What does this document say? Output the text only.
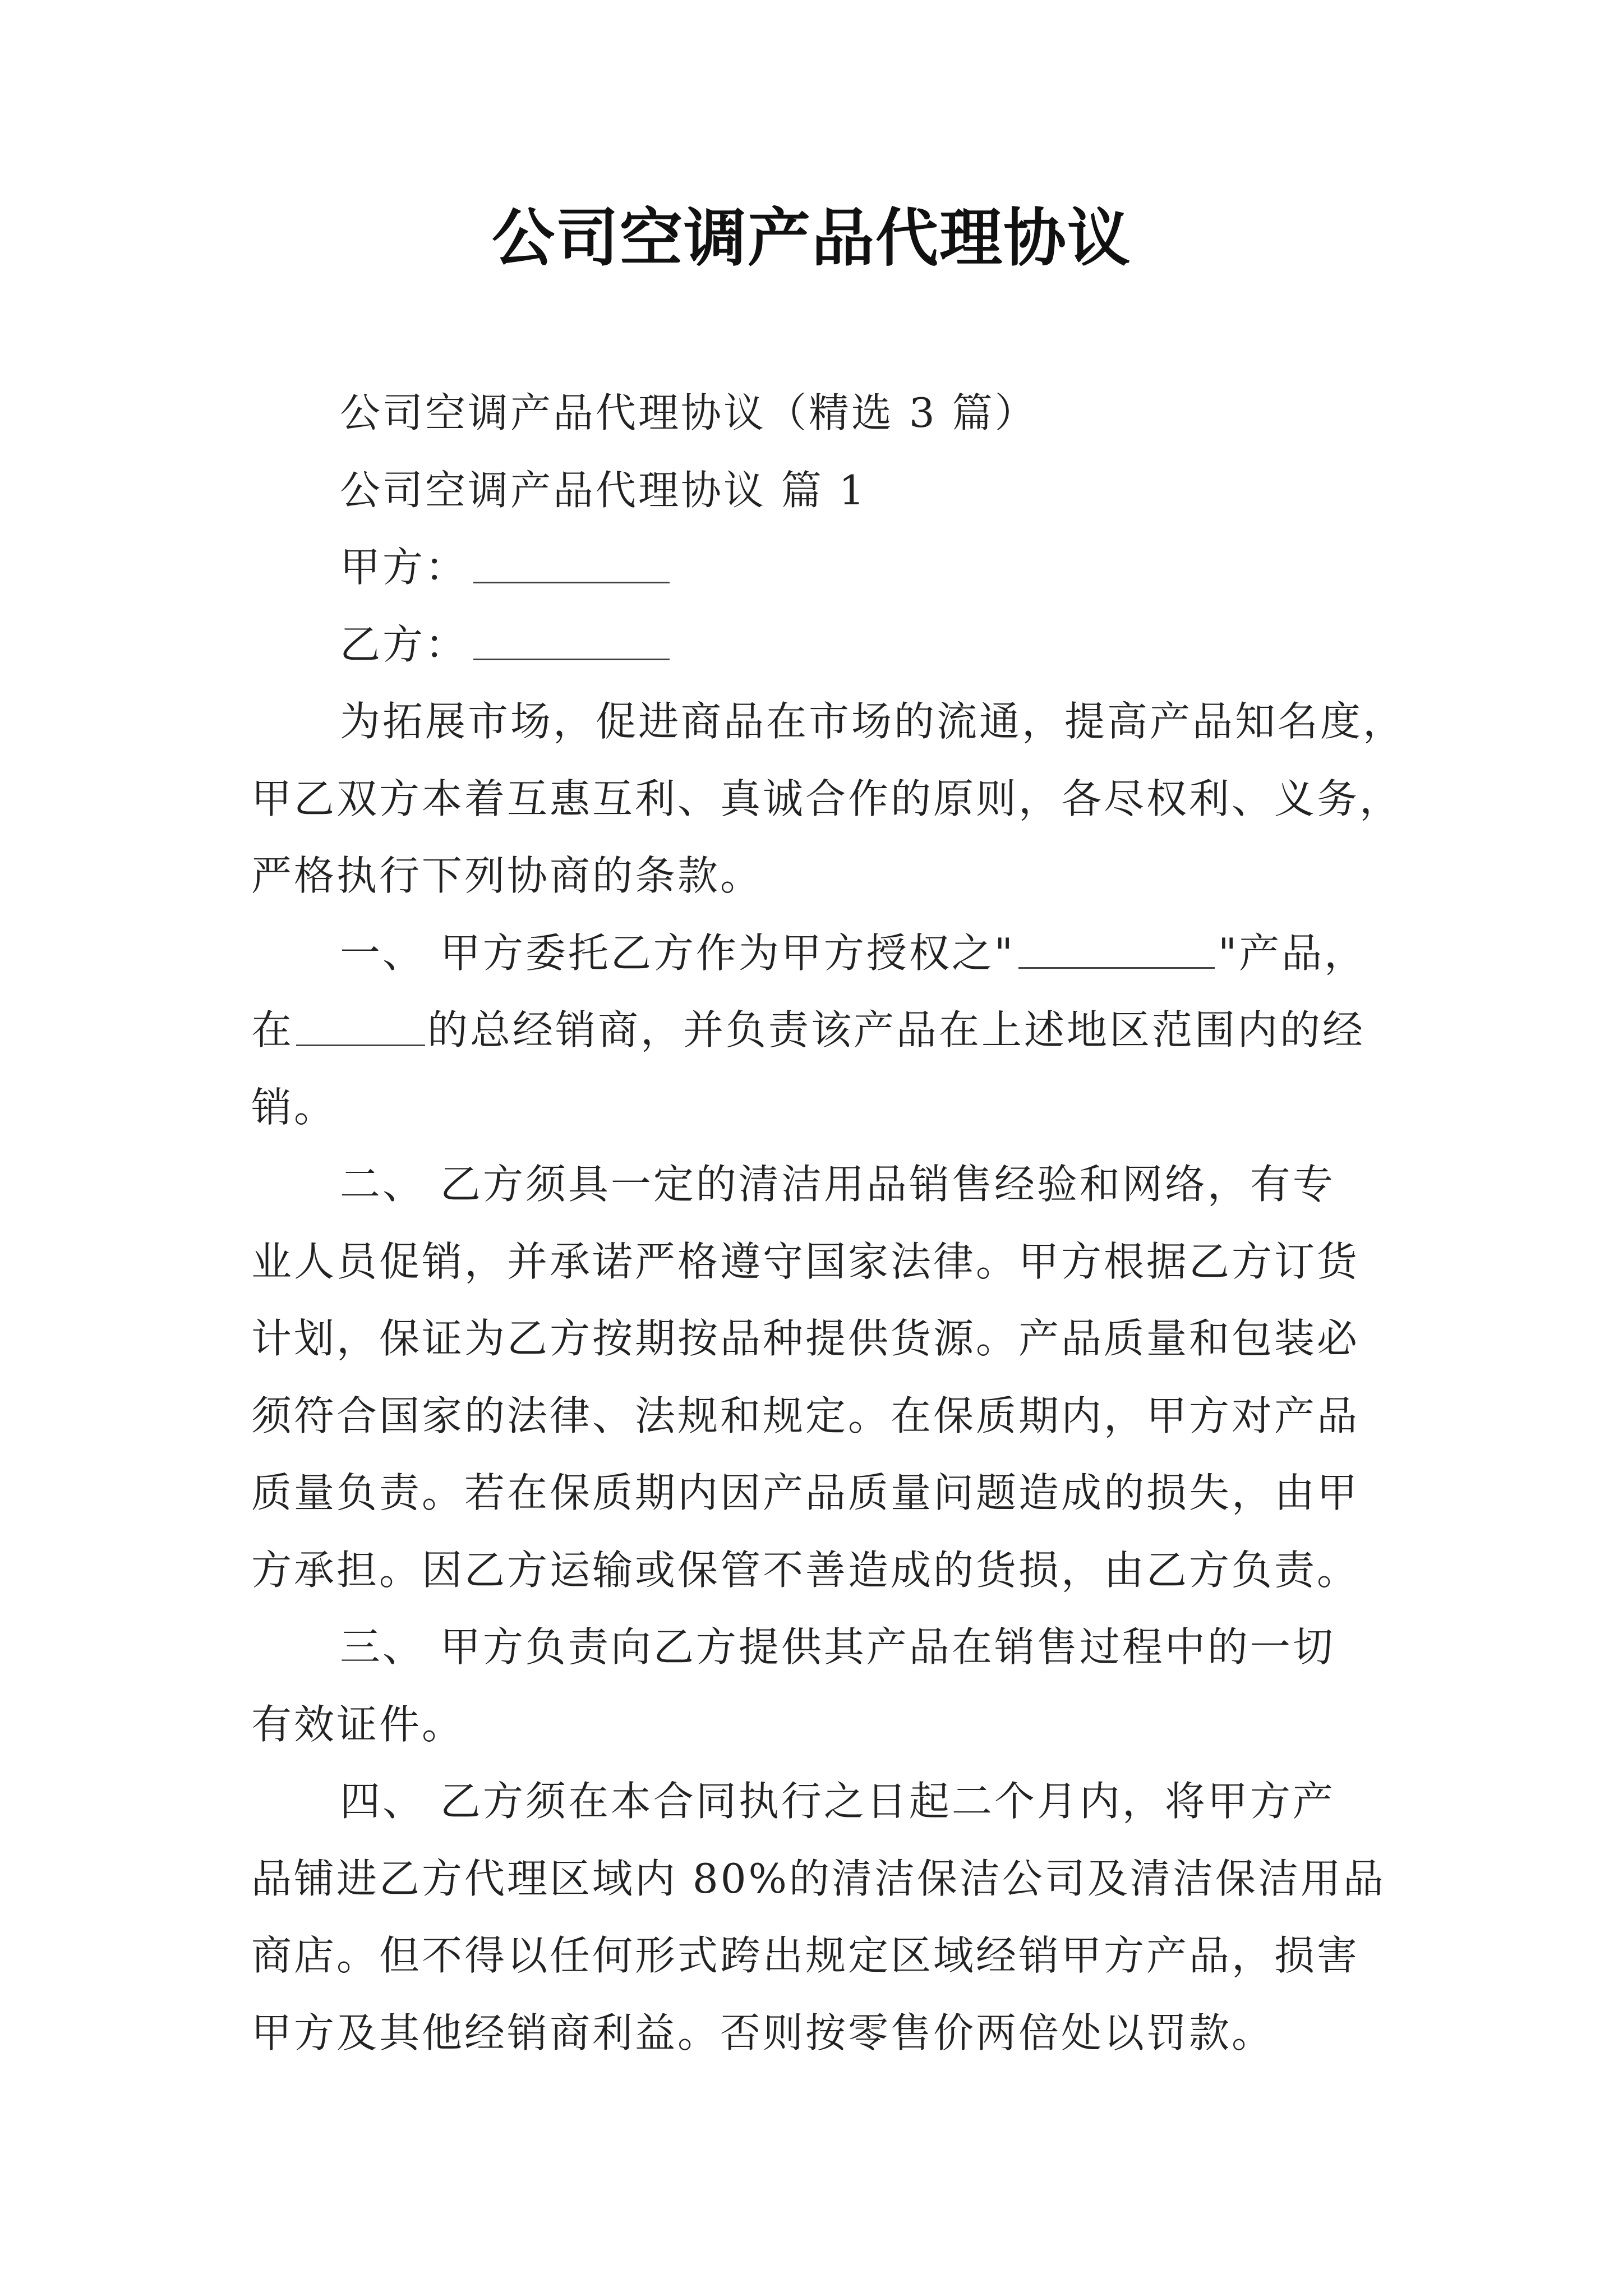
公司空调产品代理协议
公司空调产品代理协议（精选 3 篇）
公司空调产品代理协议 篇 1
甲方：
乙方：
为拓展市场，促进商品在市场的流通，提高产品知名度，
甲乙双方本着互惠互利、真诚合作的原则，各尽权利、义务，
严格执行下列协商的条款。
一、 甲方委托乙方作为甲方授权之"	"产品，
在	的总经销商，并负责该产品在上述地区范围内的经
销。
二、 乙方须具一定的清洁用品销售经验和网络，有专
业人员促销，并承诺严格遵守国家法律。甲方根据乙方订货
计划，保证为乙方按期按品种提供货源。产品质量和包装必
须符合国家的法律、法规和规定。在保质期内，甲方对产品
质量负责。若在保质期内因产品质量问题造成的损失，由甲
方承担。因乙方运输或保管不善造成的货损，由乙方负责。
三、 甲方负责向乙方提供其产品在销售过程中的一切
有效证件。
四、 乙方须在本合同执行之日起二个月内，将甲方产
品铺进乙方代理区域内 80%的清洁保洁公司及清洁保洁用品
商店。但不得以任何形式跨出规定区域经销甲方产品，损害
甲方及其他经销商利益。否则按零售价两倍处以罚款。
